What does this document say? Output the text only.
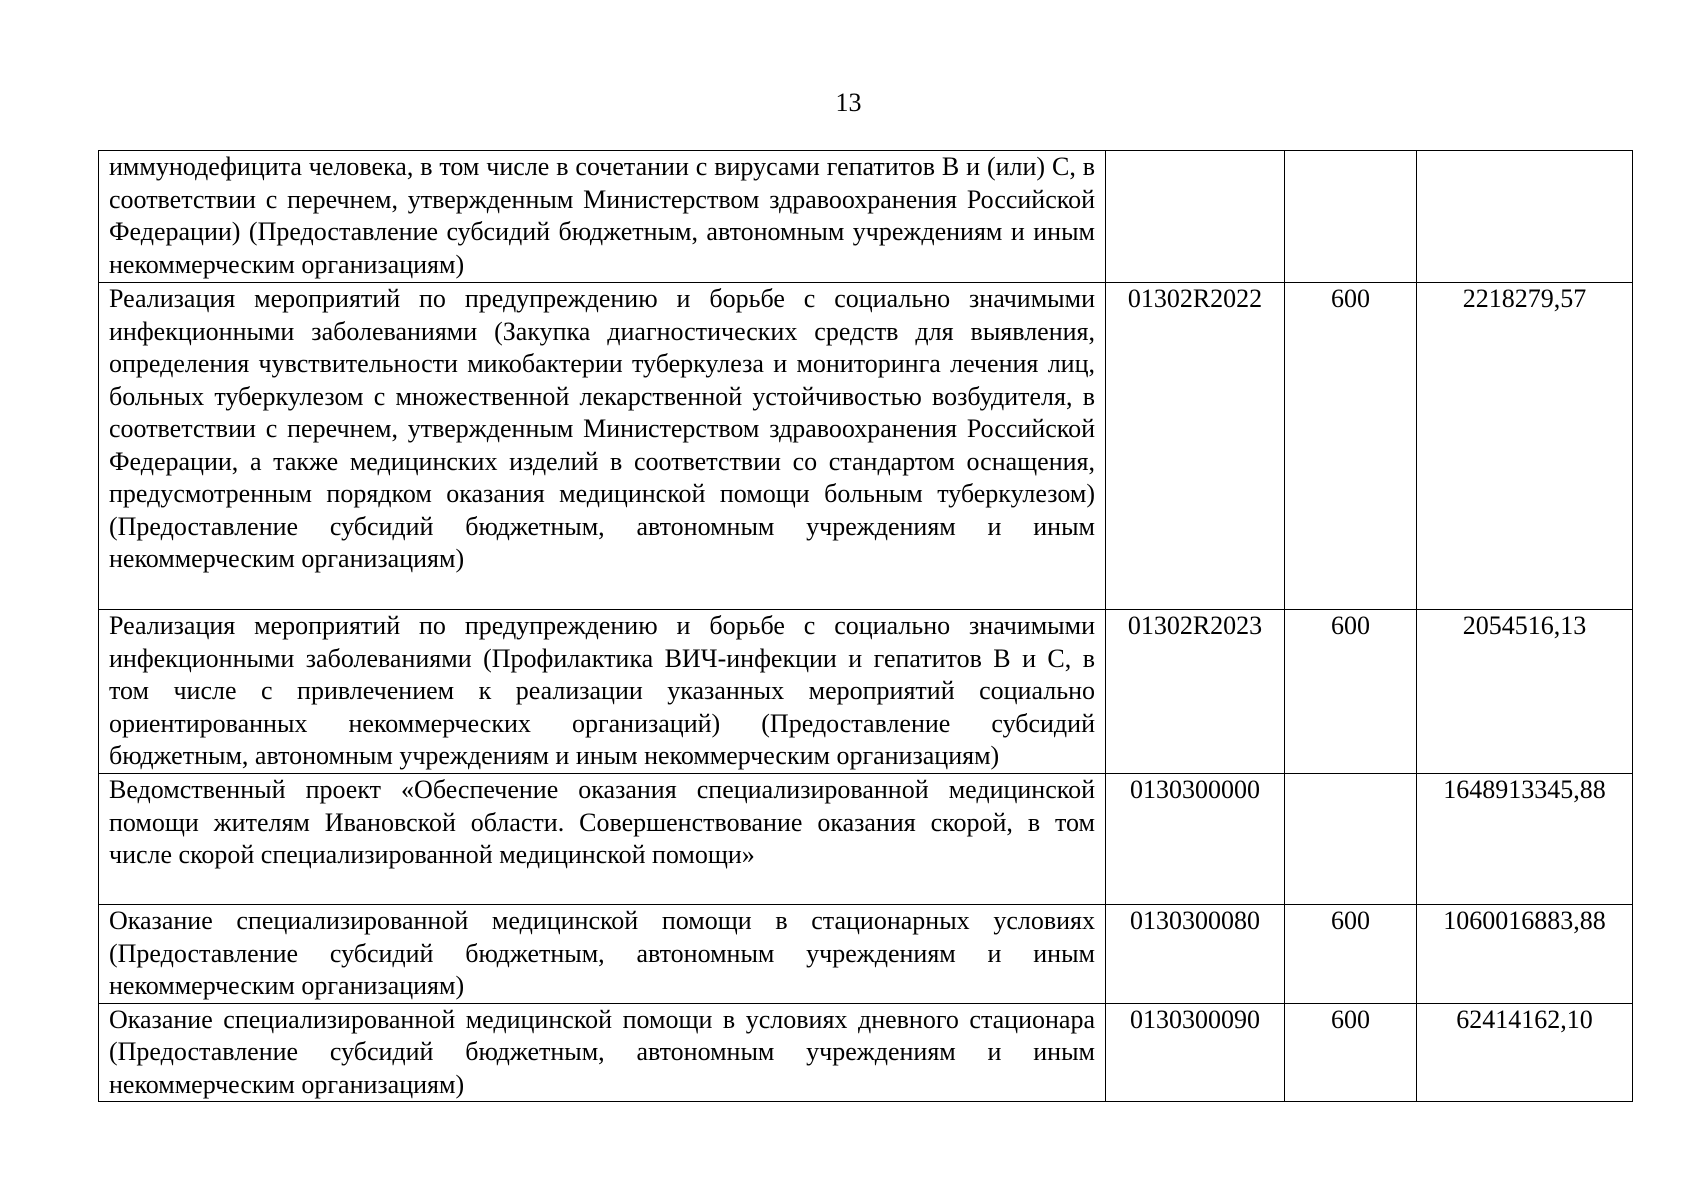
13
иммунодефицита человека, в том числе в сочетании с вирусами гепатитов B и (или) C, в соответствии с перечнем, утвержденным Министерством здравоохранения Российской Федерации) (Предоставление субсидий бюджетным, автономным учреждениям и иным некоммерческим организациям)			
Реализация мероприятий по предупреждению и борьбе с социально значимыми инфекционными заболеваниями (Закупка диагностических средств для выявления, определения чувствительности микобактерии туберкулеза и мониторинга лечения лиц, больных туберкулезом с множественной лекарственной устойчивостью возбудителя, в соответствии с перечнем, утвержденным Министерством здравоохранения Российской Федерации, а также медицинских изделий в соответствии со стандартом оснащения, предусмотренным порядком оказания медицинской помощи больным туберкулезом) (Предоставление субсидий бюджетным, автономным учреждениям и иным некоммерческим организациям)	01302R2022	600	2218279,57
Реализация мероприятий по предупреждению и борьбе с социально значимыми инфекционными заболеваниями (Профилактика ВИЧ-инфекции и гепатитов B и C, в том числе с привлечением к реализации указанных мероприятий социально ориентированных некоммерческих организаций) (Предоставление субсидий бюджетным, автономным учреждениям и иным некоммерческим организациям)	01302R2023	600	2054516,13
Ведомственный проект «Обеспечение оказания специализированной медицинской помощи жителям Ивановской области. Совершенствование оказания скорой, в том числе скорой специализированной медицинской помощи»	0130300000		1648913345,88
Оказание специализированной медицинской помощи в стационарных условиях (Предоставление субсидий бюджетным, автономным учреждениям и иным некоммерческим организациям)	0130300080	600	1060016883,88
Оказание специализированной медицинской помощи в условиях дневного стационара (Предоставление субсидий бюджетным, автономным учреждениям и иным некоммерческим организациям)	0130300090	600	62414162,10
